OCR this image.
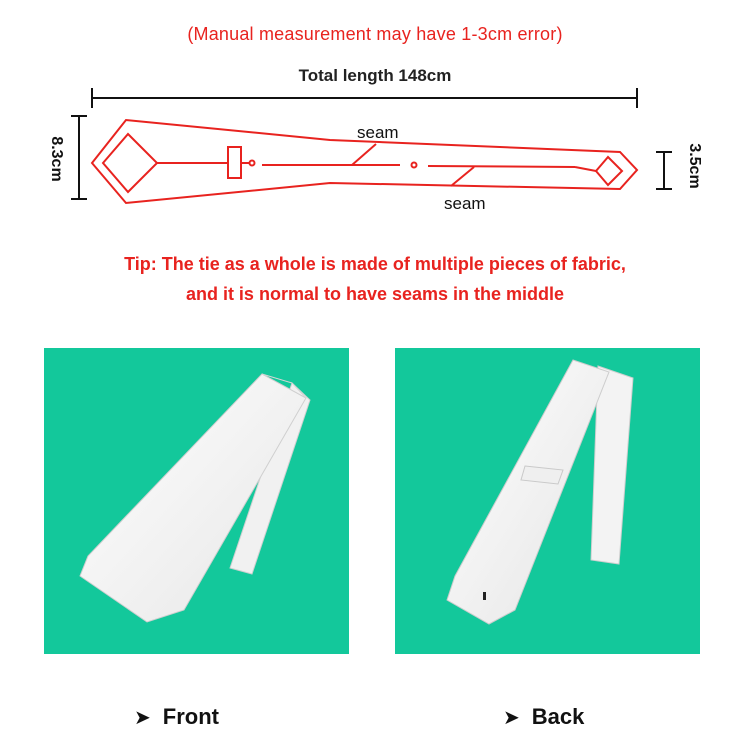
(Manual measurement may have 1-3cm error)
Total length 148cm
seam
seam
8.3cm	3.5cm
Tip: The tie as a whole is made of multiple pieces of fabric,
and it is normal to have seams in the middle
➤ Front	➤ Back
